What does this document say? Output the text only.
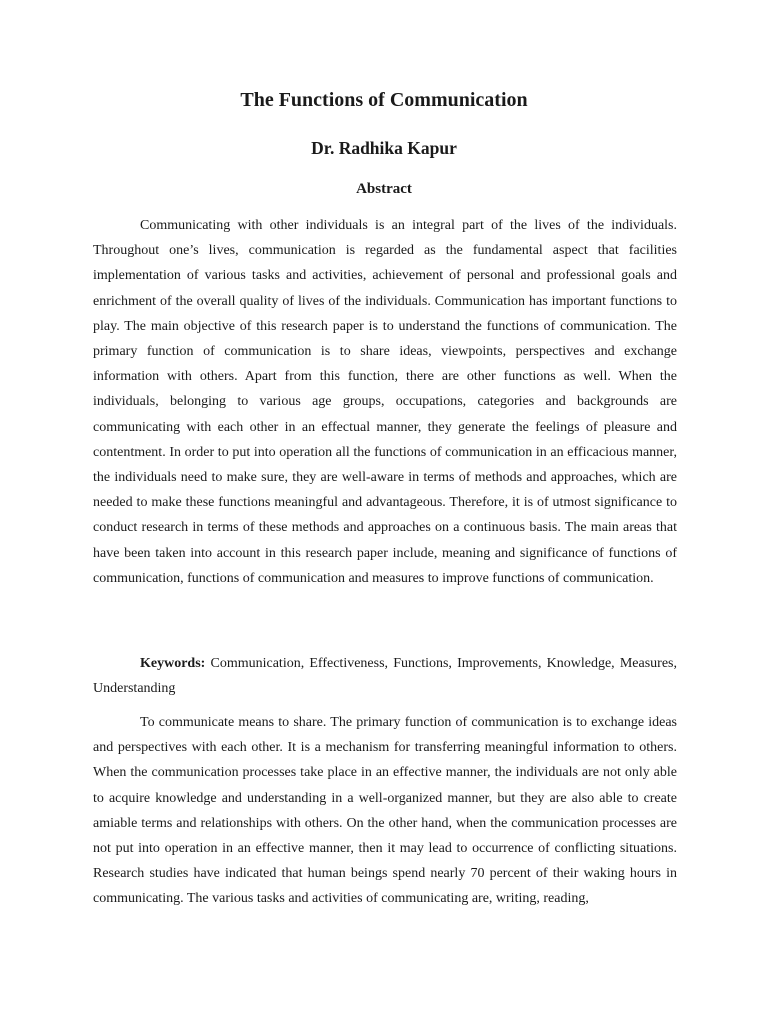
The Functions of Communication
Dr. Radhika Kapur
Abstract

Communicating with other individuals is an integral part of the lives of the individuals. Throughout one’s lives, communication is regarded as the fundamental aspect that facilities implementation of various tasks and activities, achievement of personal and professional goals and enrichment of the overall quality of lives of the individuals. Communication has important functions to play. The main objective of this research paper is to understand the functions of communication. The primary function of communication is to share ideas, viewpoints, perspectives and exchange information with others. Apart from this function, there are other functions as well. When the individuals, belonging to various age groups, occupations, categories and backgrounds are communicating with each other in an effectual manner, they generate the feelings of pleasure and contentment. In order to put into operation all the functions of communication in an efficacious manner, the individuals need to make sure, they are well-aware in terms of methods and approaches, which are needed to make these functions meaningful and advantageous. Therefore, it is of utmost significance to conduct research in terms of these methods and approaches on a continuous basis. The main areas that have been taken into account in this research paper include, meaning and significance of functions of communication, functions of communication and measures to improve functions of communication.

Keywords: Communication, Effectiveness, Functions, Improvements, Knowledge, Measures, Understanding

To communicate means to share. The primary function of communication is to exchange ideas and perspectives with each other. It is a mechanism for transferring meaningful information to others. When the communication processes take place in an effective manner, the individuals are not only able to acquire knowledge and understanding in a well-organized manner, but they are also able to create amiable terms and relationships with others. On the other hand, when the communication processes are not put into operation in an effective manner, then it may lead to occurrence of conflicting situations. Research studies have indicated that human beings spend nearly 70 percent of their waking hours in communicating. The various tasks and activities of communicating are, writing, reading,
